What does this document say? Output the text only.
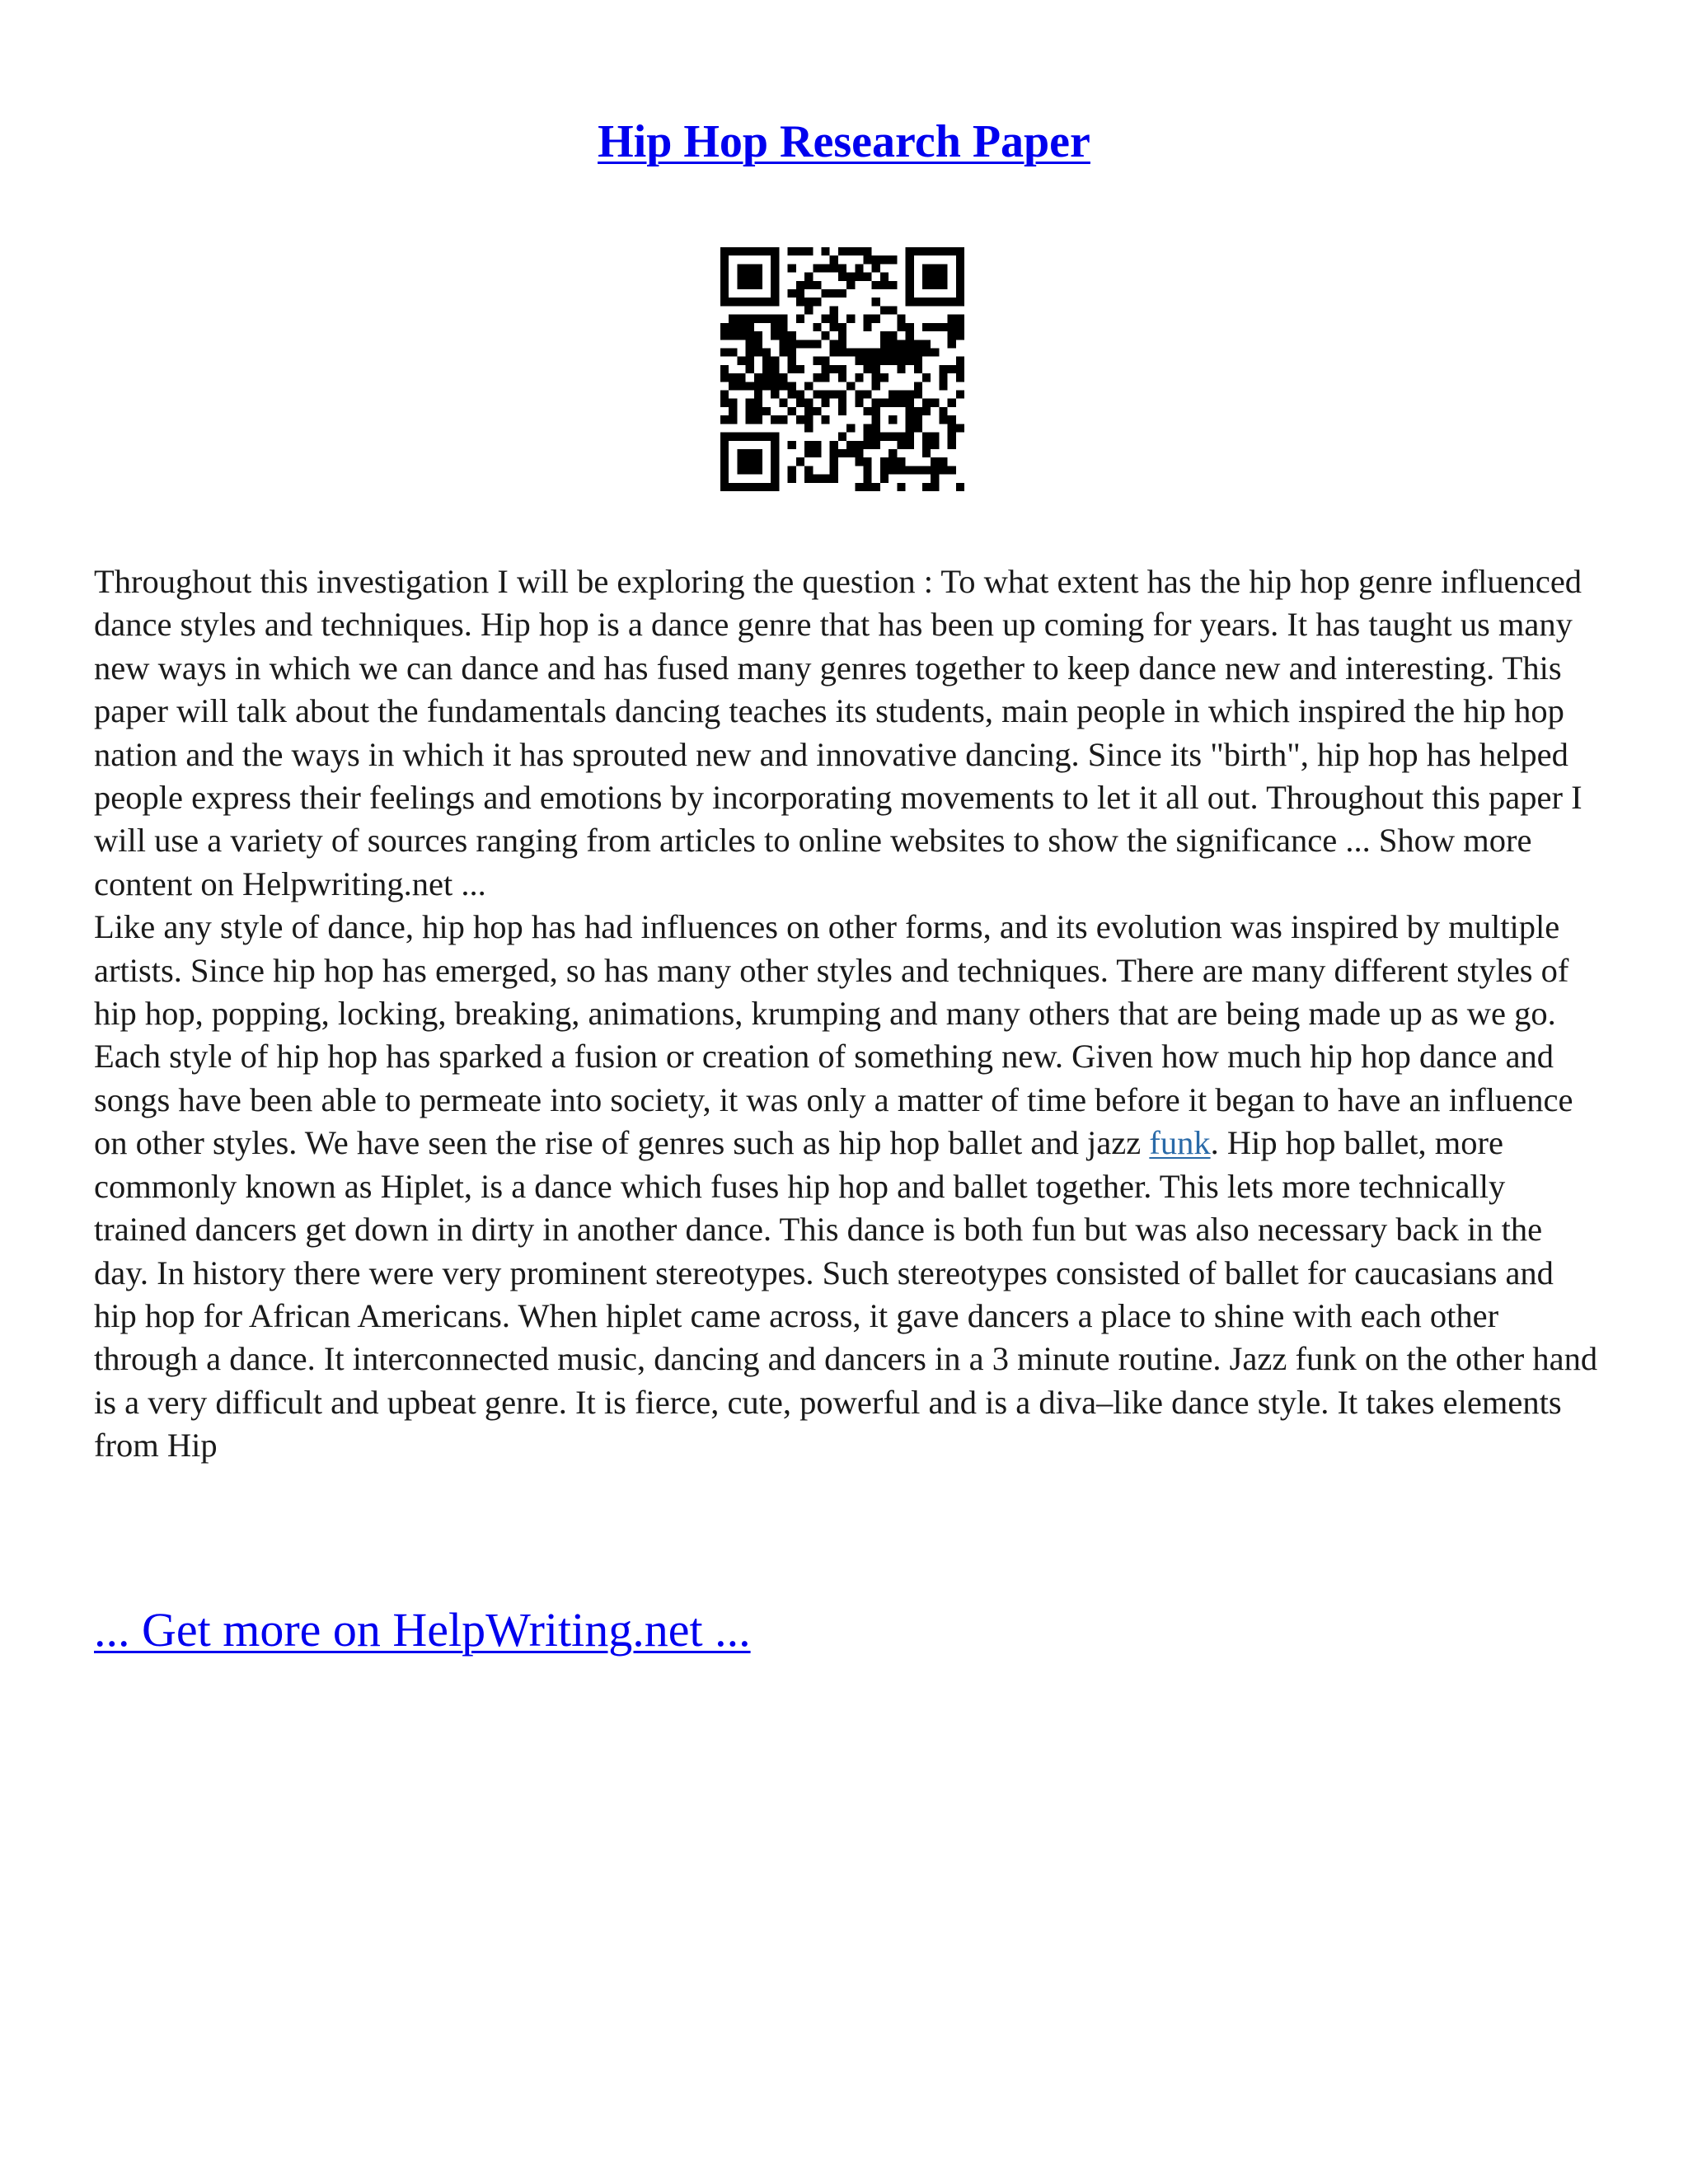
Hip Hop Research Paper

Throughout this investigation I will be exploring the question : To what extent has the hip hop genre influenced dance styles and techniques. Hip hop is a dance genre that has been up coming for years. It has taught us many new ways in which we can dance and has fused many genres together to keep dance new and interesting. This paper will talk about the fundamentals dancing teaches its students, main people in which inspired the hip hop nation and the ways in which it has sprouted new and innovative dancing. Since its "birth", hip hop has helped people express their feelings and emotions by incorporating movements to let it all out. Throughout this paper I will use a variety of sources ranging from articles to online websites to show the significance ... Show more content on Helpwriting.net ...

Like any style of dance, hip hop has had influences on other forms, and its evolution was inspired by multiple artists. Since hip hop has emerged, so has many other styles and techniques. There are many different styles of hip hop, popping, locking, breaking, animations, krumping and many others that are being made up as we go. Each style of hip hop has sparked a fusion or creation of something new. Given how much hip hop dance and songs have been able to permeate into society, it was only a matter of time before it began to have an influence on other styles. We have seen the rise of genres such as hip hop ballet and jazz funk. Hip hop ballet, more commonly known as Hiplet, is a dance which fuses hip hop and ballet together. This lets more technically trained dancers get down in dirty in another dance. This dance is both fun but was also necessary back in the day. In history there were very prominent stereotypes. Such stereotypes consisted of ballet for caucasians and hip hop for African Americans. When hiplet came across, it gave dancers a place to shine with each other through a dance. It interconnected music, dancing and dancers in a 3 minute routine. Jazz funk on the other hand is a very difficult and upbeat genre. It is fierce, cute, powerful and is a diva–like dance style. It takes elements from Hip

... Get more on HelpWriting.net ...
